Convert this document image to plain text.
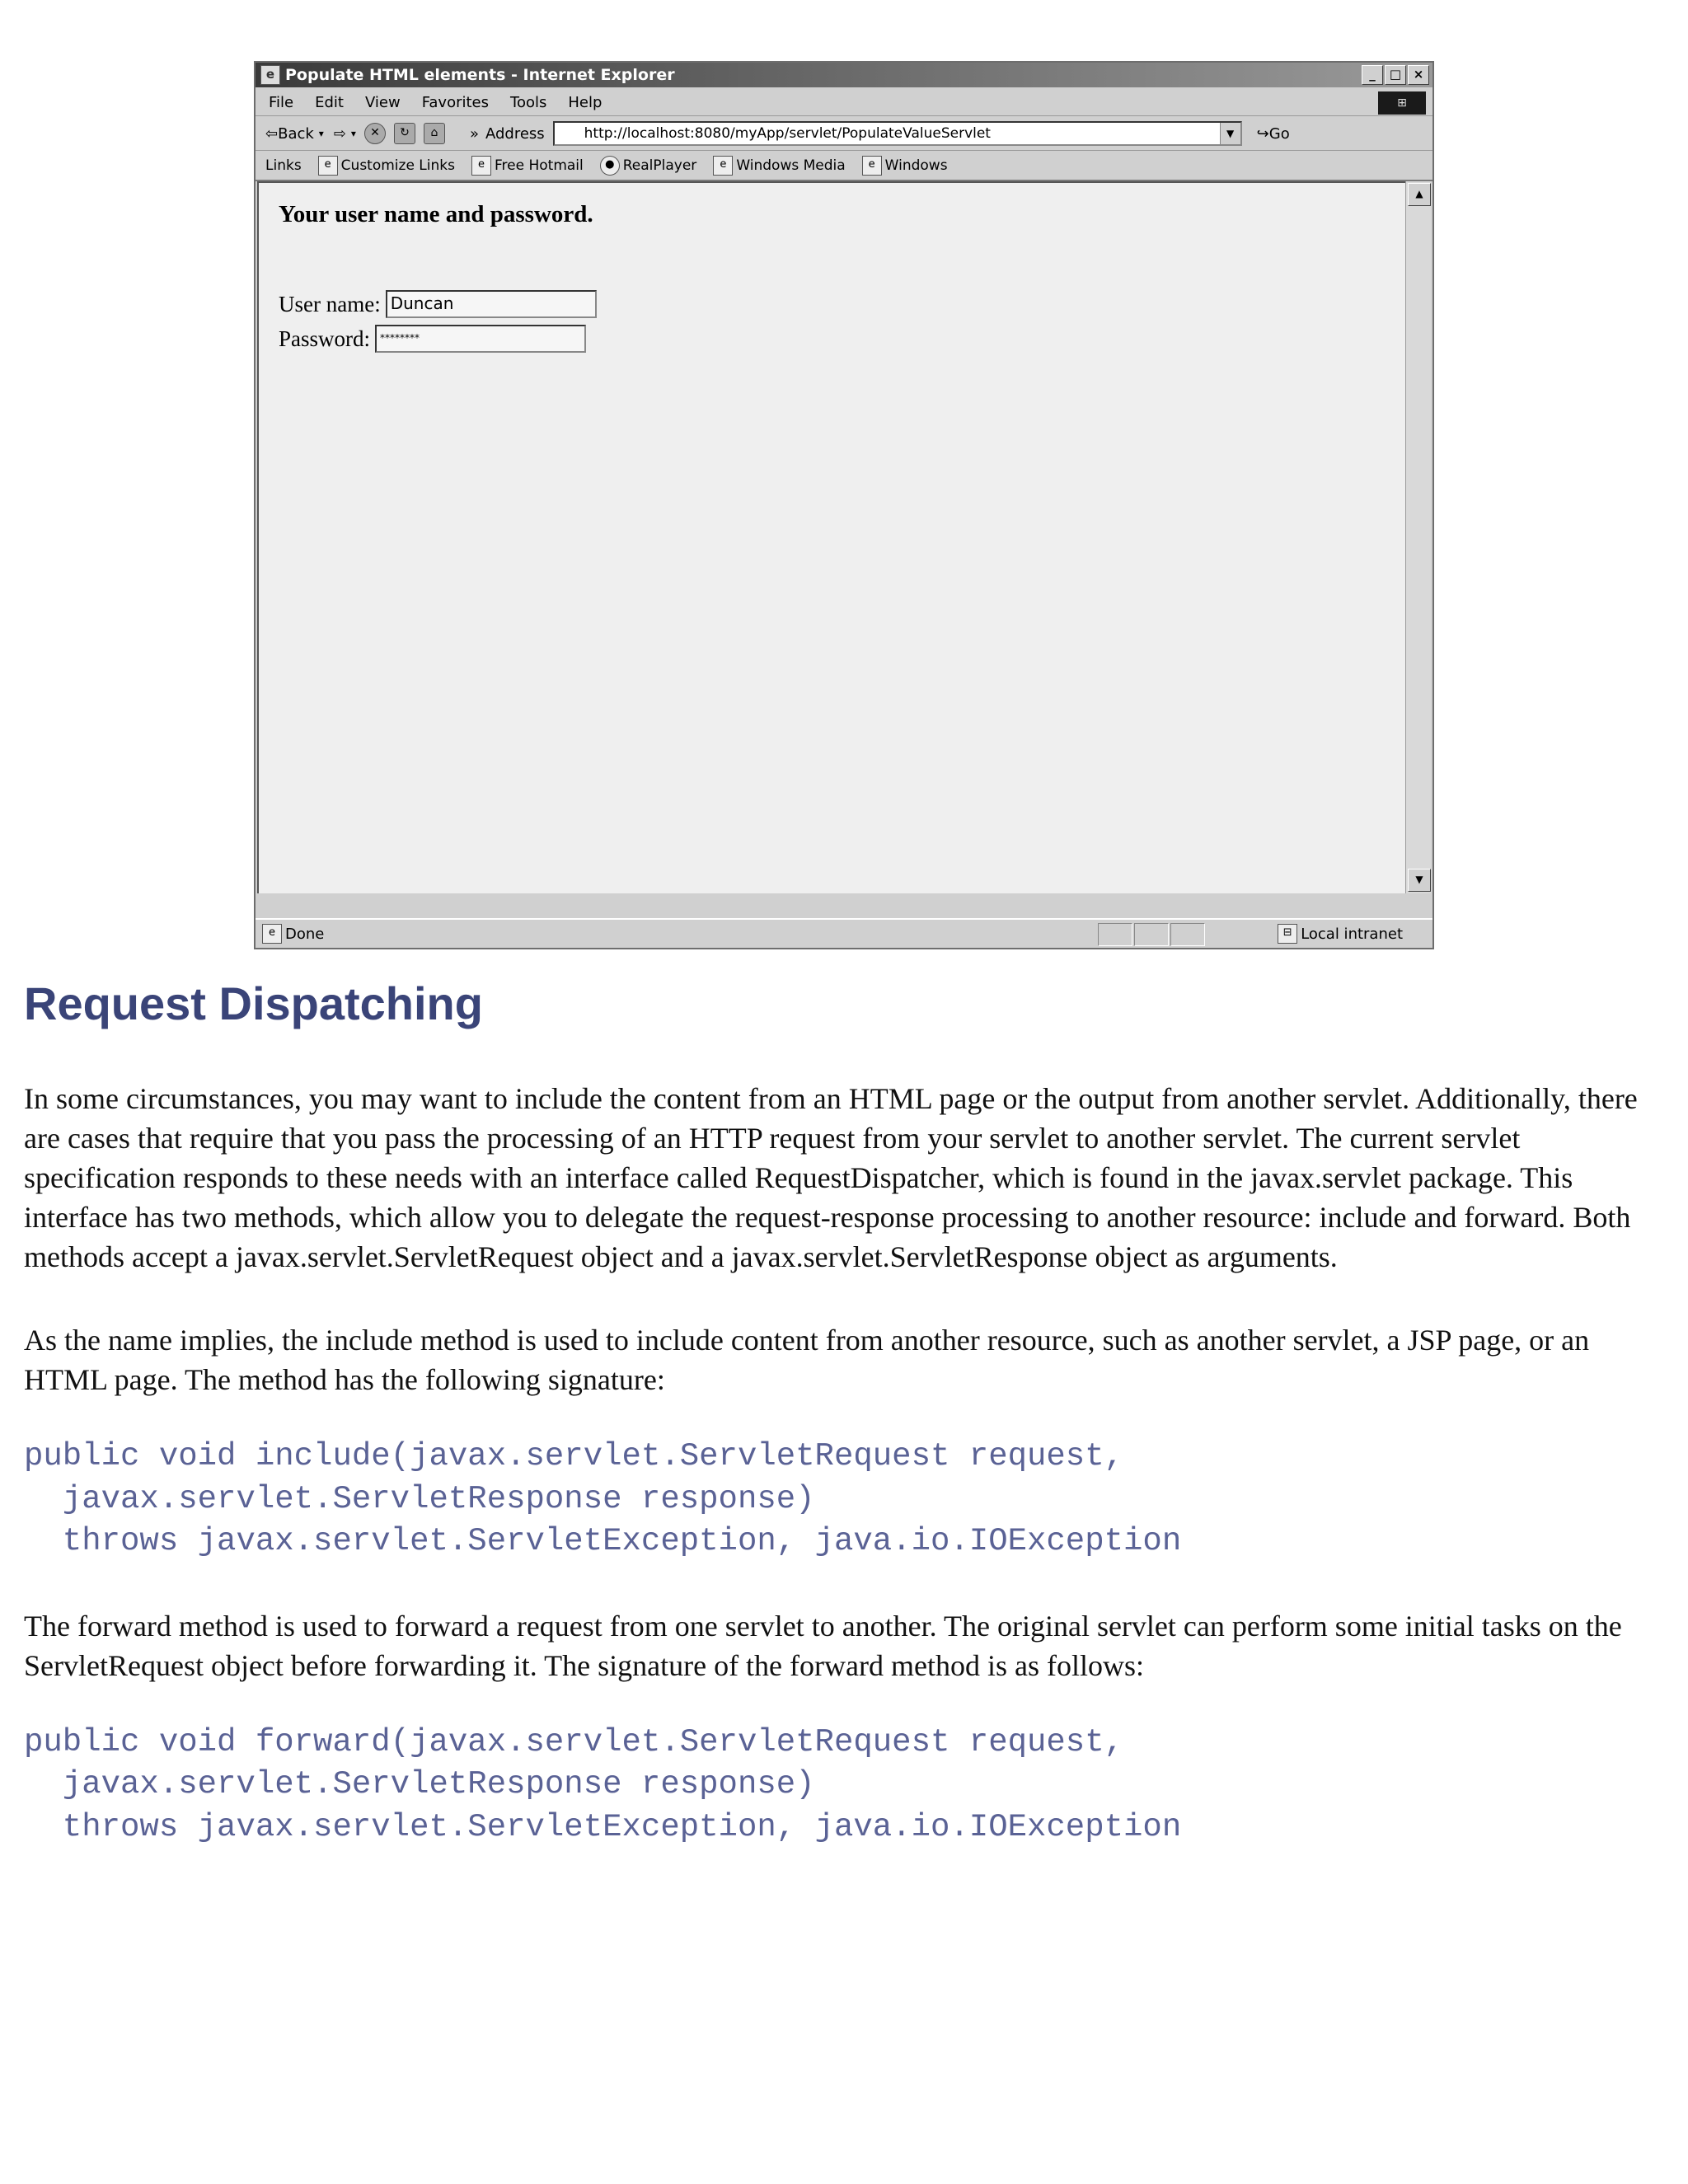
e Populate HTML elements - Internet Explorer	_	□ ×
File Edit View Favorites Tools Help	⊞
⇦ Back ▾ ⇨ ▾	✕	↻	⌂	» Address	http://localhost:8080/myApp/servlet/PopulateValueServlet	▼	↪Go
Links	e Customize Links	e Free Hotmail	● RealPlayer	e Windows Media	e Windows
Your user name and password.
User name: Duncan
Password:	********
▲
▼
e Done	⊟ Local intranet
Request Dispatching

In some circumstances, you may want to include the content from an HTML page or the output from another servlet. Additionally, there are cases that require that you pass the processing of an HTTP request from your servlet to another servlet. The current servlet specification responds to these needs with an interface called RequestDispatcher, which is found in the javax.servlet package. This interface has two methods, which allow you to delegate the request-response processing to another resource: include and forward. Both methods accept a javax.servlet.ServletRequest object and a javax.servlet.ServletResponse object as arguments.

As the name implies, the include method is used to include content from another resource, such as another servlet, a JSP page, or an HTML page. The method has the following signature:

public void include(javax.servlet.ServletRequest request,
javax.servlet.ServletResponse response)
throws javax.servlet.ServletException, java.io.IOException

The forward method is used to forward a request from one servlet to another. The original servlet can perform some initial tasks on the ServletRequest object before forwarding it. The signature of the forward method is as follows:

public void forward(javax.servlet.ServletRequest request,
javax.servlet.ServletResponse response)
throws javax.servlet.ServletException, java.io.IOException
